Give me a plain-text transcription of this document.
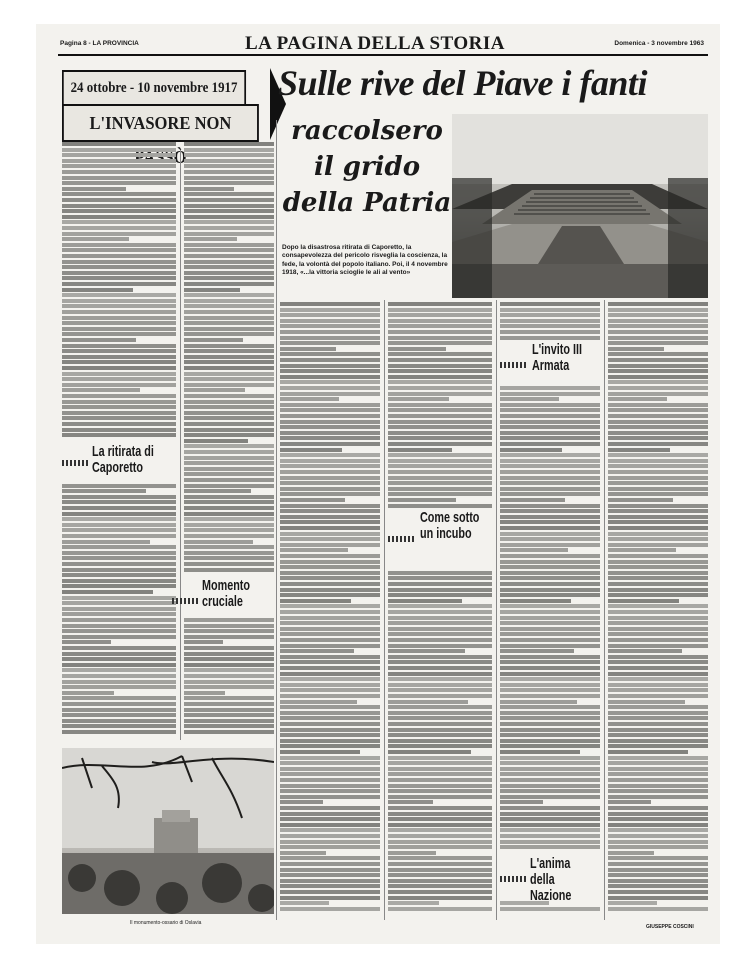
Pagina 8 - LA PROVINCIA	LA PAGINA DELLA STORIA	Domenica - 3 novembre 1963
24 ottobre - 10 novembre 1917
L'INVASORE NON
Sulle rive del Piave i fanti
raccolsero
il grido
della Patria
Dopo la disastrosa ritirata di Caporetto, la consapevolezza del pericolo risveglia la coscienza, la fede, la volontà del popolo italiano. Poi, il 4 novembre 1918, «...la vittoria scioglie le ali al vento»
Il monumento-ossario di Oslavia
La ritirata di Caporetto
Momento cruciale
Come sotto un incubo
L'invito III Armata
L'anima della Nazione
GIUSEPPE COSCINI
